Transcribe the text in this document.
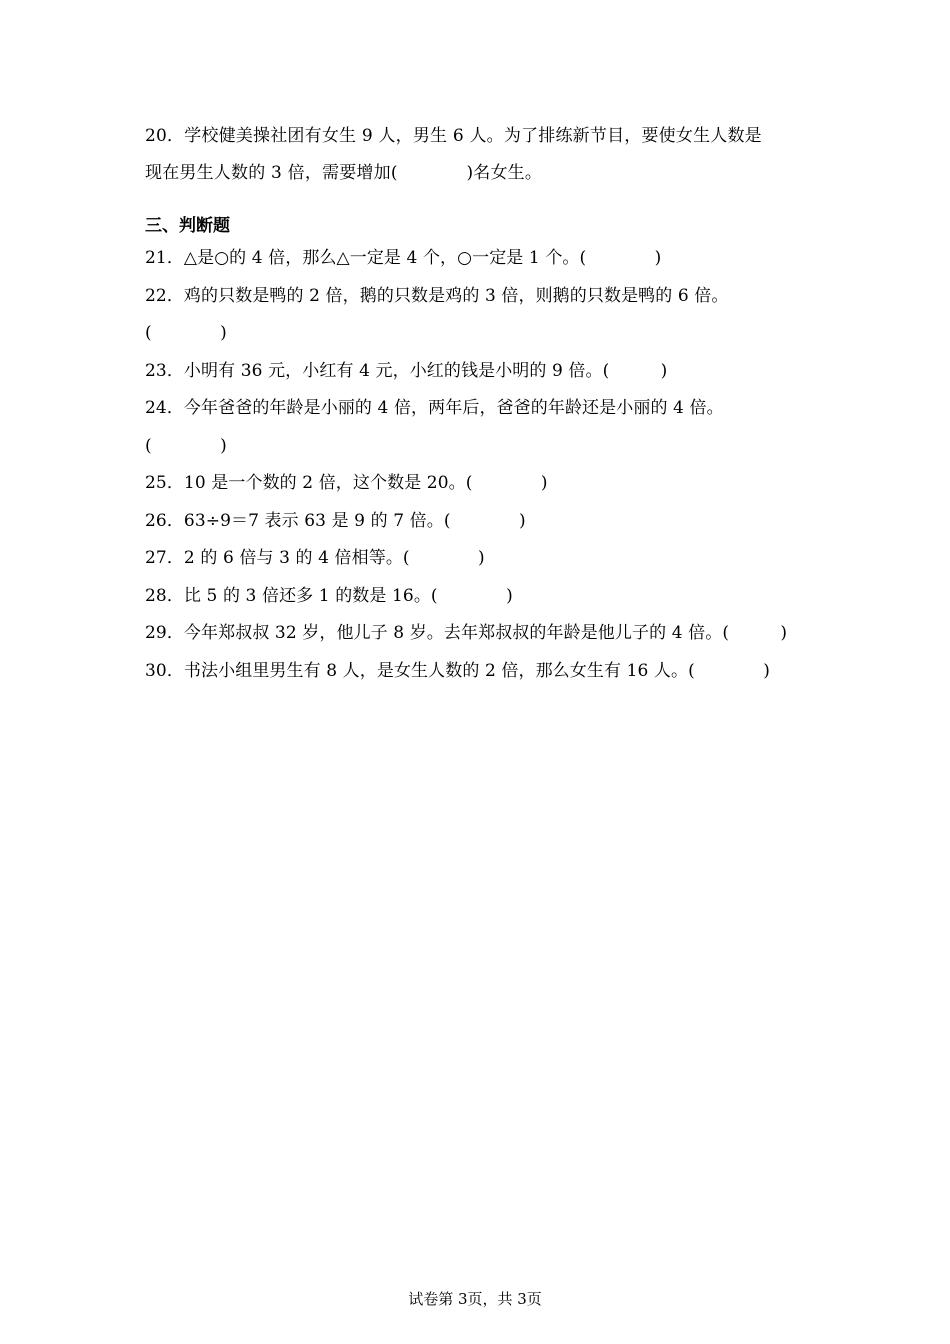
20．学校健美操社团有女生 9 人，男生 6 人。为了排练新节目，要使女生人数是
现在男生人数的 3 倍，需要增加(　　　　)名女生。
三、判断题
21．△是○的 4 倍，那么△一定是 4 个，○一定是 1 个。(　　　　)
22．鸡的只数是鸭的 2 倍，鹅的只数是鸡的 3 倍，则鹅的只数是鸭的 6 倍。
(　　　　)
23．小明有 36 元，小红有 4 元，小红的钱是小明的 9 倍。(　　　)
24．今年爸爸的年龄是小丽的 4 倍，两年后，爸爸的年龄还是小丽的 4 倍。
(　　　　)
25．10 是一个数的 2 倍，这个数是 20。(　　　　)
26．63÷9＝7 表示 63 是 9 的 7 倍。(　　　　)
27．2 的 6 倍与 3 的 4 倍相等。(　　　　)
28．比 5 的 3 倍还多 1 的数是 16。(　　　　)
29．今年郑叔叔 32 岁，他儿子 8 岁。去年郑叔叔的年龄是他儿子的 4 倍。(　　　)
30．书法小组里男生有 8 人，是女生人数的 2 倍，那么女生有 16 人。(　　　　)
试卷第 3页，共 3页
